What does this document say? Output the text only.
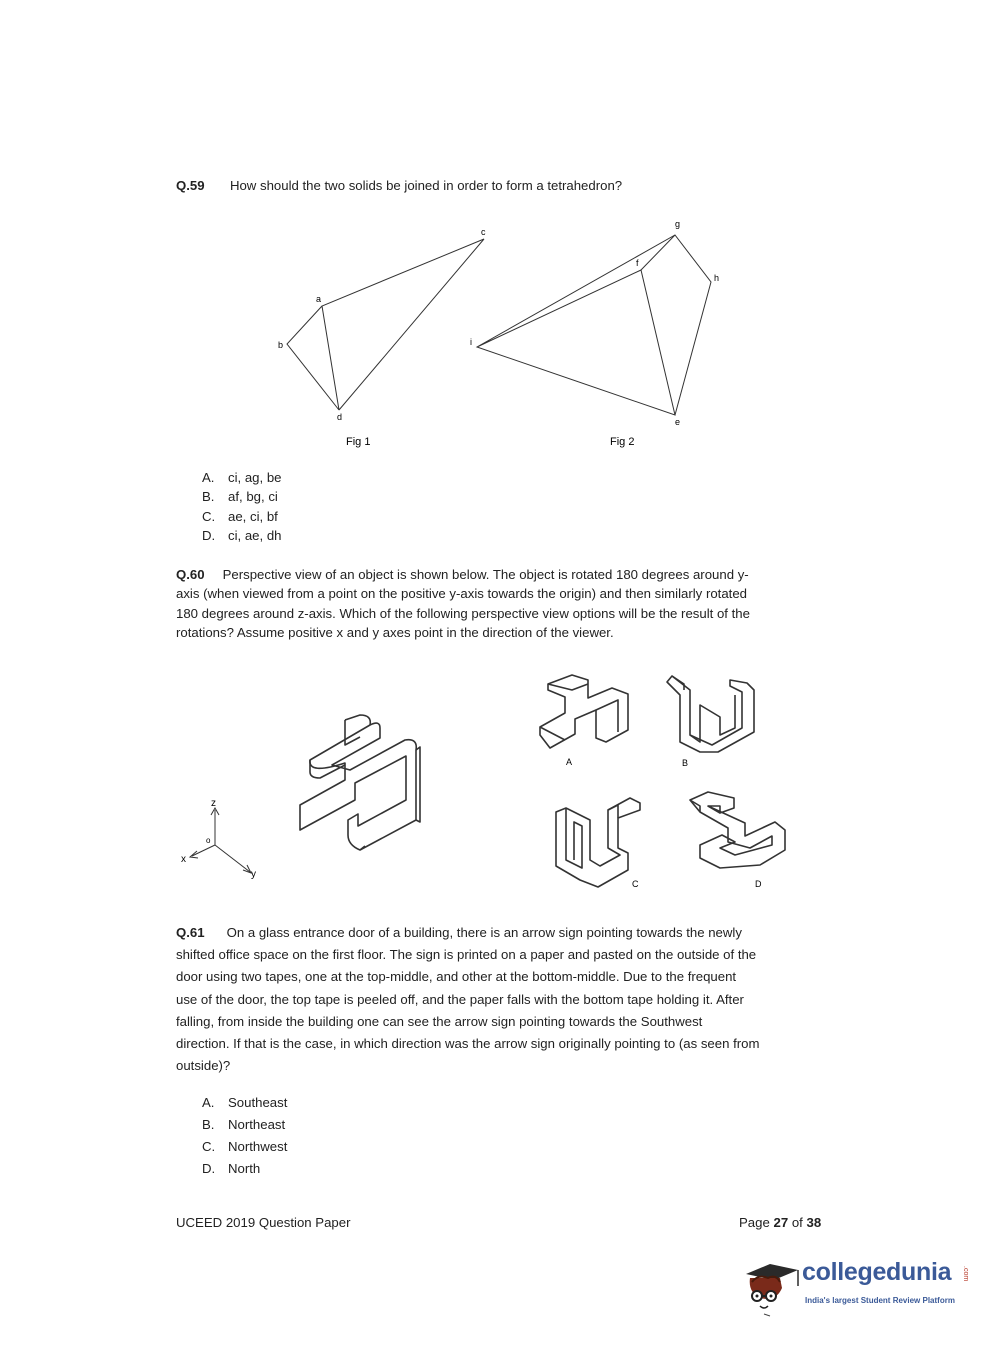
Q.59 How should the two solids be joined in order to form a tetrahedron?
a
b
c
d
g
f
h
i
e
Fig 1	Fig 2
A. ci, ag, be
B. af, bg, ci
C. ae, ci, bf
D. ci, ae, dh
Q.60 Perspective view of an object is shown below. The object is rotated 180 degrees around y-
axis (when viewed from a point on the positive y-axis towards the origin) and then similarly rotated
180 degrees around z-axis. Which of the following perspective view options will be the result of the
rotations? Assume positive x and y axes point in the direction of the viewer.
z
o
x
y
A	B
C	D
Q.61 On a glass entrance door of a building, there is an arrow sign pointing towards the newly
shifted office space on the first floor. The sign is printed on a paper and pasted on the outside of the
door using two tapes, one at the top-middle, and other at the bottom-middle. Due to the frequent
use of the door, the top tape is peeled off, and the paper falls with the bottom tape holding it. After
falling, from inside the building one can see the arrow sign pointing towards the Southwest
direction. If that is the case, in which direction was the arrow sign originally pointing to (as seen from
outside)?
A. Southeast
B. Northeast
C. Northwest
D. North
UCEED 2019 Question Paper	Page 27 of 38
collegedunia .com
India's largest Student Review Platform
